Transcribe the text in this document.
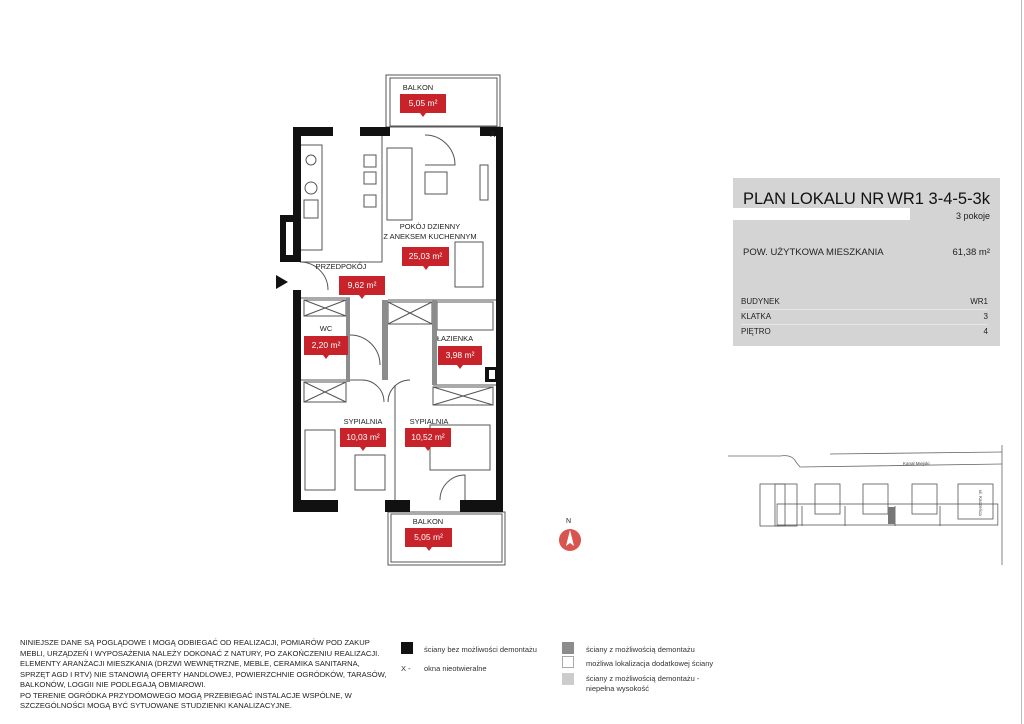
X
N
BALKON
5,05 m²
POKÓJ DZIENNY
Z ANEKSEM KUCHENNYM
25,03 m²
PRZEDPOKÓJ
9,62 m²
WC
2,20 m²
ŁAZIENKA
3,98 m²
SYPIALNIA
10,03 m²
SYPIALNIA
10,52 m²
BALKON
5,05 m²
PLAN LOKALU NR WR1 3-4-5-3k
3 pokoje
POW. UŻYTKOWA MIESZKANIA	61,38 m²
BUDYNEK	WR1
KLATKA	3
PIĘTRO	4
Kanał Miejski
ul. Kaczeńca
NINIEJSZE DANE SĄ POGLĄDOWE I MOGĄ ODBIEGAĆ OD REALIZACJI, POMIARÓW POD ZAKUP
MEBLI, URZĄDZEŃ I WYPOSAŻENIA NALEŻY DOKONAĆ Z NATURY, PO ZAKOŃCZENIU REALIZACJI.
ELEMENTY ARANŻACJI MIESZKANIA (DRZWI WEWNĘTRZNE, MEBLE, CERAMIKA SANITARNA,
SPRZĘT AGD I RTV) NIE STANOWIĄ OFERTY HANDLOWEJ, POWIERZCHNIE OGRÓDKÓW, TARASÓW,
BALKONÓW, LOGGII NIE PODLEGAJĄ OBMIAROWI.
PO TERENIE OGRÓDKA PRZYDOMOWEGO MOGĄ PRZEBIEGAĆ INSTALACJE WSPÓLNE, W
SZCZEGÓLNOŚCI MOGĄ BYĆ SYTUOWANE STUDZIENKI KANALIZACYJNE.
ściany bez możliwości demontażu
X - okna nieotwieralne
ściany z możliwością demontażu
możliwa lokalizacja dodatkowej ściany
ściany z możliwością demontażu -
niepełna wysokość
